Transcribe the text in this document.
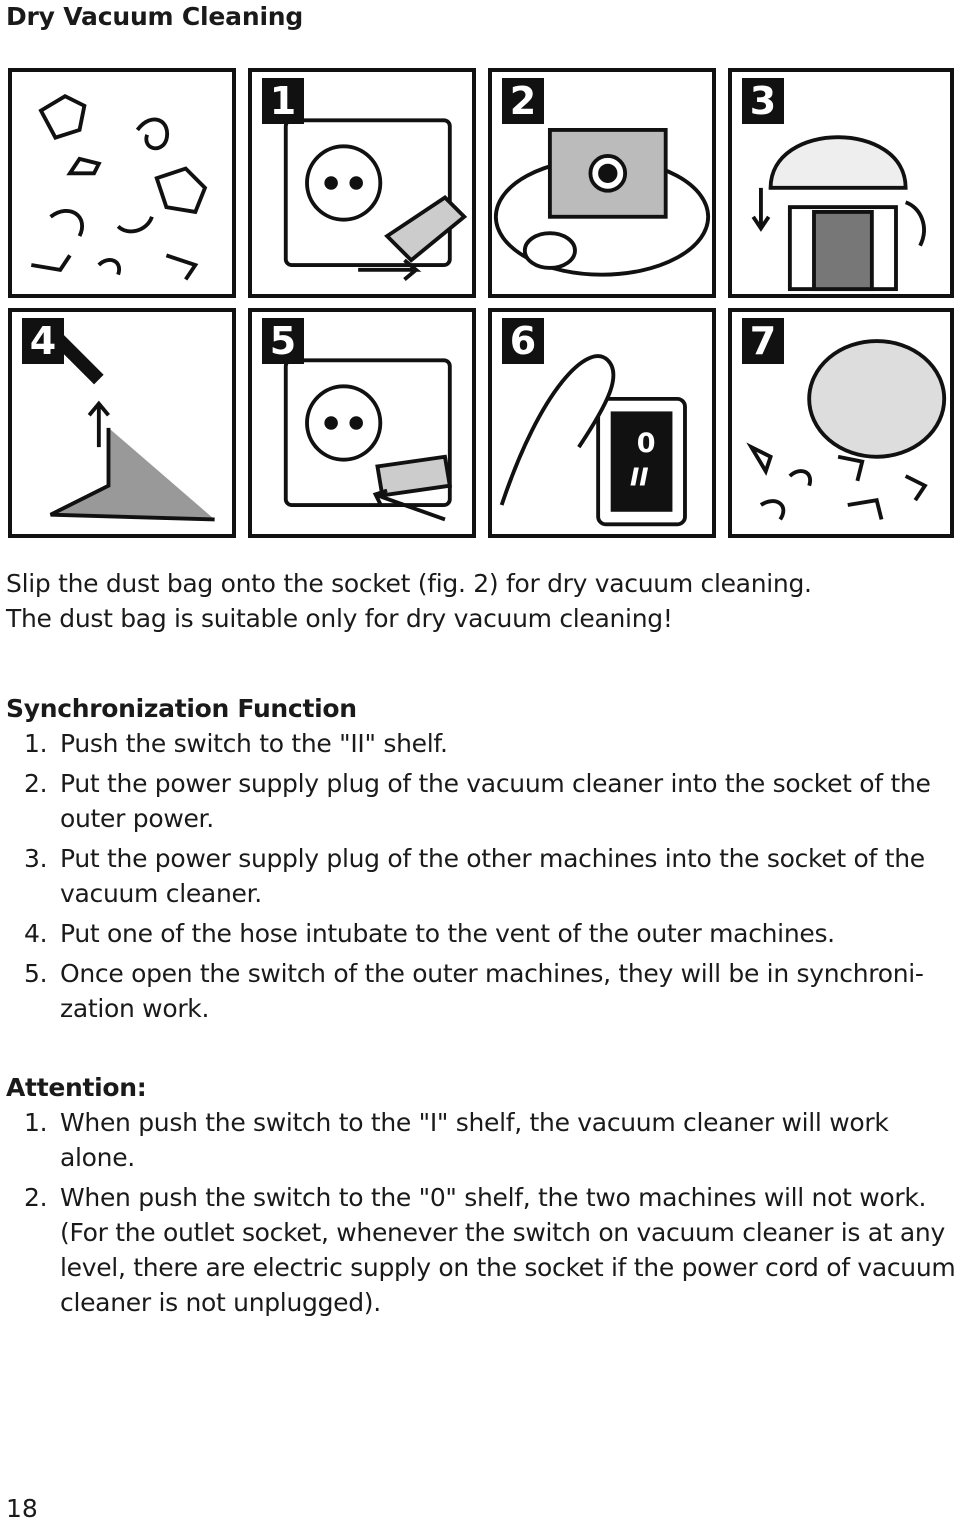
Dry Vacuum Cleaning
1	2	3
4	5
0
II
6	7
Slip the dust bag onto the socket (fig. 2) for dry vacuum cleaning.
The dust bag is suitable only for dry vacuum cleaning!
Synchronization Function
1. Push the switch to the "II" shelf.
2. Put the power supply plug of the vacuum cleaner into the socket of the outer power.
3. Put the power supply plug of the other machines into the socket of the vacuum cleaner.
4. Put one of the hose intubate to the vent of the outer machines.
5. Once open the switch of the outer machines, they will be in synchroni-zation work.
Attention:
1. When push the switch to the "I" shelf, the vacuum cleaner will work alone.
2. When push the switch to the "0" shelf, the two machines will not work. (For the outlet socket, whenever the switch on vacuum cleaner is at any level, there are electric supply on the socket if the power cord of vacuum cleaner is not unplugged).
18
